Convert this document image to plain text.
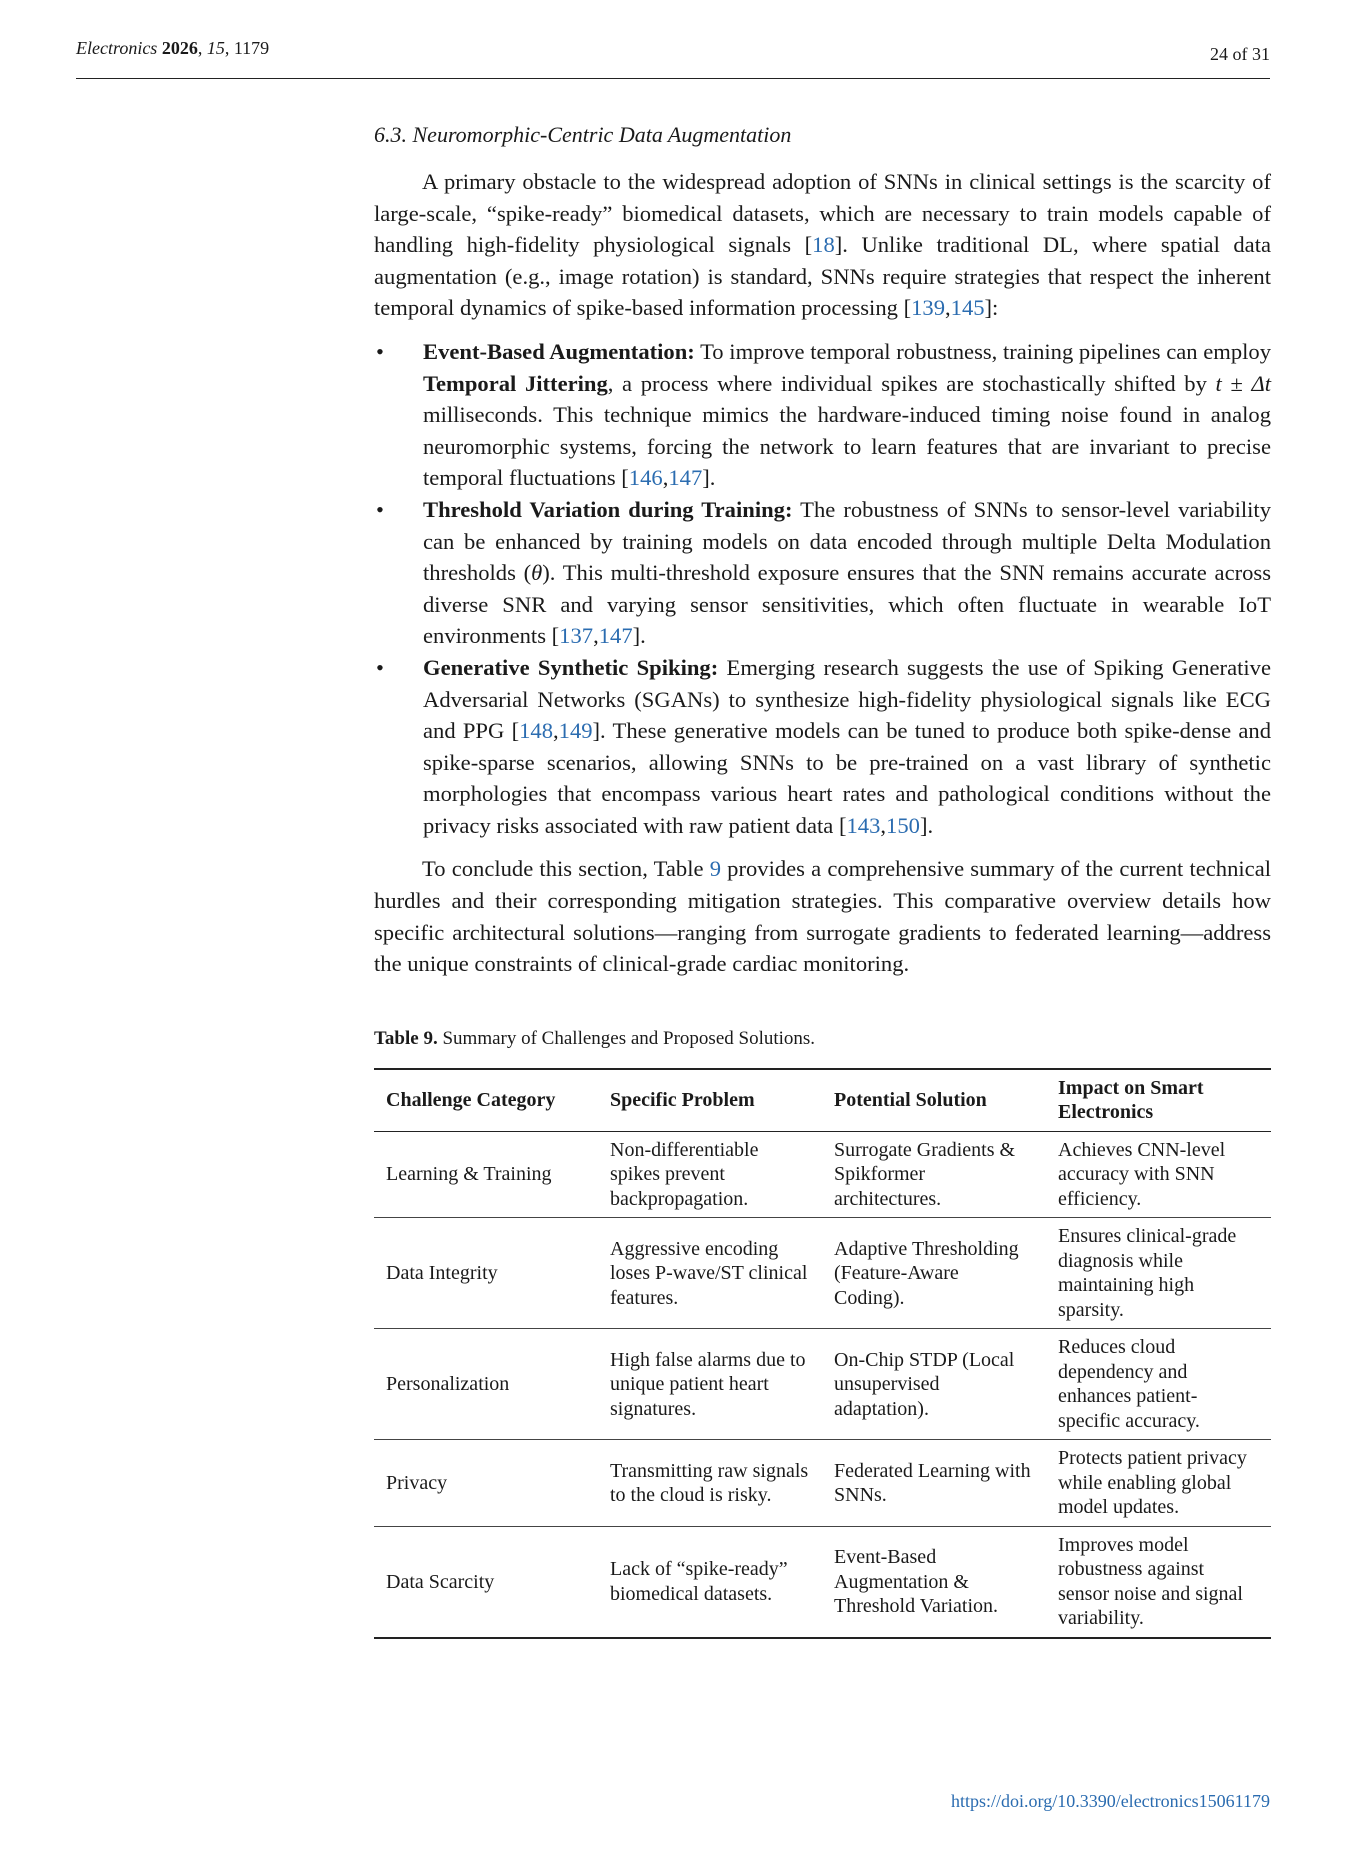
Electronics 2026, 15, 1179	24 of 31
6.3. Neuromorphic-Centric Data Augmentation

A primary obstacle to the widespread adoption of SNNs in clinical settings is the scarcity of large-scale, “spike-ready” biomedical datasets, which are necessary to train models capable of handling high-fidelity physiological signals [18]. Unlike traditional DL, where spatial data augmentation (e.g., image rotation) is standard, SNNs require strategies that respect the inherent temporal dynamics of spike-based information processing [139,145]:

• Event-Based Augmentation: To improve temporal robustness, training pipelines can employ Temporal Jittering, a process where individual spikes are stochastically shifted by t ± Δt milliseconds. This technique mimics the hardware-induced timing noise found in analog neuromorphic systems, forcing the network to learn features that are invariant to precise temporal fluctuations [146,147].
• Threshold Variation during Training: The robustness of SNNs to sensor-level variability can be enhanced by training models on data encoded through multiple Delta Modulation thresholds (θ). This multi-threshold exposure ensures that the SNN remains accurate across diverse SNR and varying sensor sensitivities, which often fluctuate in wearable IoT environments [137,147].
• Generative Synthetic Spiking: Emerging research suggests the use of Spiking Generative Adversarial Networks (SGANs) to synthesize high-fidelity physiological signals like ECG and PPG [148,149]. These generative models can be tuned to produce both spike-dense and spike-sparse scenarios, allowing SNNs to be pre-trained on a vast library of synthetic morphologies that encompass various heart rates and pathological conditions without the privacy risks associated with raw patient data [143,150].

To conclude this section, Table 9 provides a comprehensive summary of the current technical hurdles and their corresponding mitigation strategies. This comparative overview details how specific architectural solutions—ranging from surrogate gradients to federated learning—address the unique constraints of clinical-grade cardiac monitoring.

Table 9. Summary of Challenges and Proposed Solutions.
Challenge Category	Specific Problem	Potential Solution	Impact on Smart Electronics
Learning & Training	Non-differentiable spikes prevent backpropagation.	Surrogate Gradients & Spikformer architectures.	Achieves CNN-level accuracy with SNN efficiency.
Data Integrity	Aggressive encoding loses P-wave/ST clinical features.	Adaptive Thresholding (Feature-Aware Coding).	Ensures clinical-grade diagnosis while maintaining high sparsity.
Personalization	High false alarms due to unique patient heart signatures.	On-Chip STDP (Local unsupervised adaptation).	Reduces cloud dependency and enhances patient-specific accuracy.
Privacy	Transmitting raw signals to the cloud is risky.	Federated Learning with SNNs.	Protects patient privacy while enabling global model updates.
Data Scarcity	Lack of “spike-ready” biomedical datasets.	Event-Based Augmentation & Threshold Variation.	Improves model robustness against sensor noise and signal variability.
https://doi.org/10.3390/electronics15061179
